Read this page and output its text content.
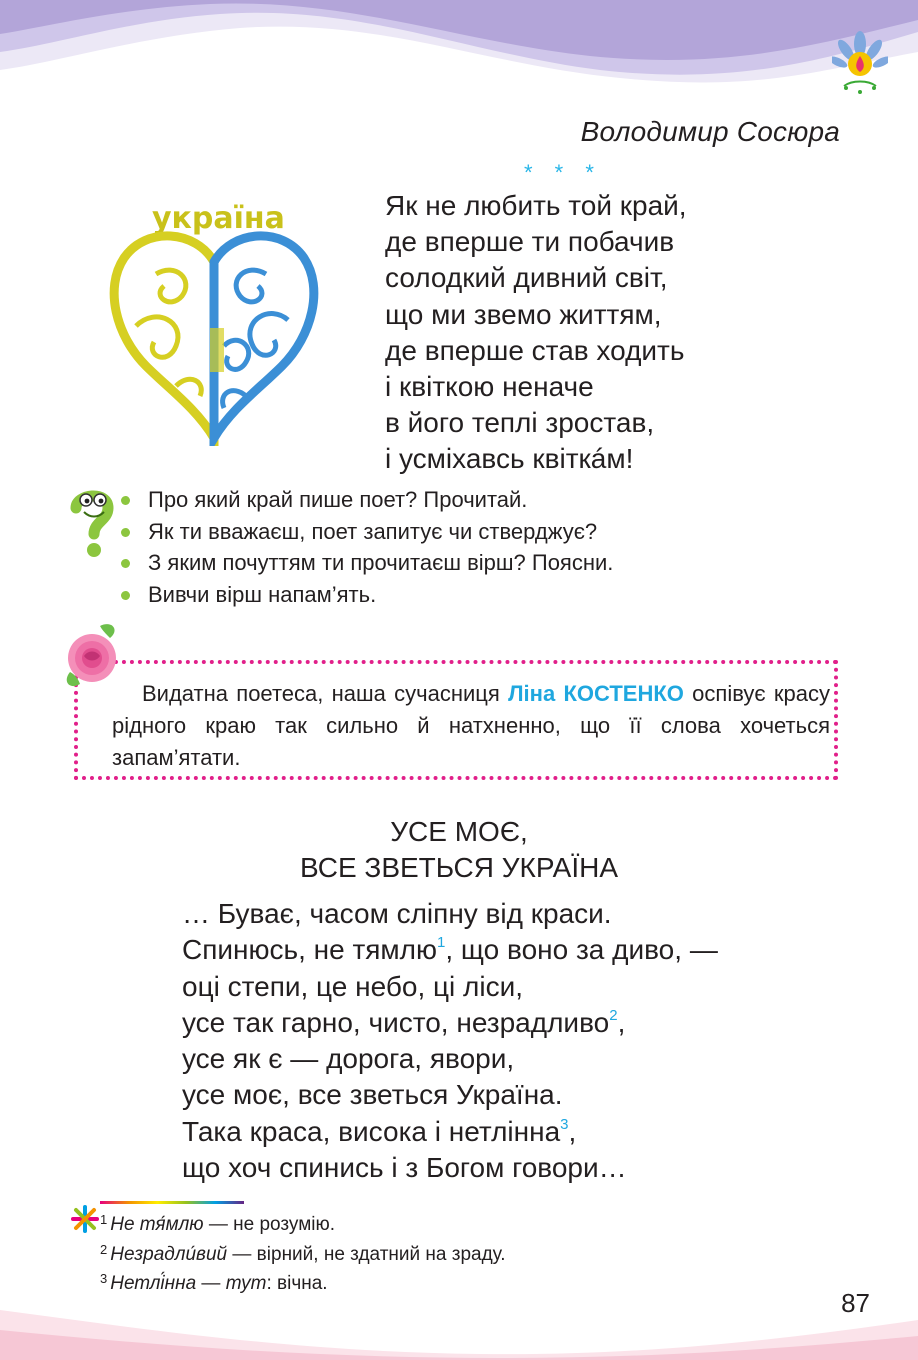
Володимир Сосюра
* * *
україна	Як не любить той край,
де вперше ти побачив
солодкий дивний світ,
що ми звемо життям,
де вперше став ходить
і квіткою неначе
в його теплі зростав,
і усміхавсь квіткáм!
Про який край пише поет? Прочитай.
Як ти вважаєш, поет запитує чи стверджує?
З яким почуттям ти прочитаєш вірш? Поясни.
Вивчи вірш напам’ять.
Видатна поетеса, наша сучасниця Ліна КОСТЕНКО оспівує красу рідного краю так сильно й натхненно, що її слова хочеться запам’ятати.
УСЕ МОЄ,
ВСЕ ЗВЕТЬСЯ УКРАЇНА
… Буває, часом сліпну від краси.
Спинюсь, не тямлю$^1$, що воно за диво, —
оці степи, це небо, ці ліси,
усе так гарно, чисто, незрадливо$^2$,
усе як є — дорога, явори,
усе моє, все зветься Україна.
Така краса, висока і нетлінна$^3$,
що хоч спинись і з Богом говори…
$^1$ Не тя́млю — не розумію.
$^2$ Незрадли́вий — вірний, не здатний на зраду.
$^3$ Нетлі́нна — тут: вічна.
87
